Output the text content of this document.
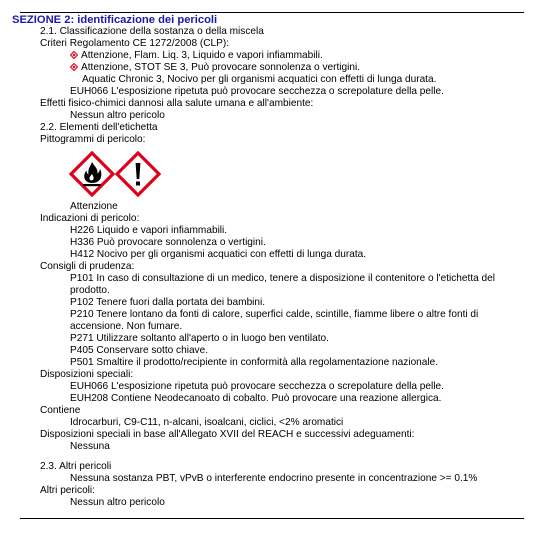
SEZIONE 2: identificazione dei pericoli
2.1. Classificazione della sostanza o della miscela
Criteri Regolamento CE 1272/2008 (CLP):
Attenzione, Flam. Liq. 3, Liquido e vapori infiammabili.
Attenzione, STOT SE 3, Può provocare sonnolenza o vertigini.
Aquatic Chronic 3, Nocivo per gli organismi acquatici con effetti di lunga durata.
EUH066 L'esposizione ripetuta può provocare secchezza o screpolature della pelle.
Effetti fisico-chimici dannosi alla salute umana e all'ambiente:
Nessun altro pericolo
2.2. Elementi dell'etichetta
Pittogrammi di pericolo:
Attenzione
Indicazioni di pericolo:
H226 Liquido e vapori infiammabili.
H336 Può provocare sonnolenza o vertigini.
H412 Nocivo per gli organismi acquatici con effetti di lunga durata.
Consigli di prudenza:
P101 In caso di consultazione di un medico, tenere a disposizione il contenitore o l'etichetta del
prodotto.
P102 Tenere fuori dalla portata dei bambini.
P210 Tenere lontano da fonti di calore, superfici calde, scintille, fiamme libere o altre fonti di
accensione. Non fumare.
P271 Utilizzare soltanto all'aperto o in luogo ben ventilato.
P405 Conservare sotto chiave.
P501 Smaltire il prodotto/recipiente in conformità alla regolamentazione nazionale.
Disposizioni speciali:
EUH066 L'esposizione ripetuta può provocare secchezza o screpolature della pelle.
EUH208 Contiene Neodecanoato di cobalto. Può provocare una reazione allergica.
Contiene
Idrocarburi, C9-C11, n-alcani, isoalcani, ciclici, <2% aromatici
Disposizioni speciali in base all'Allegato XVII del REACH e successivi adeguamenti:
Nessuna
2.3. Altri pericoli
Nessuna sostanza PBT, vPvB o interferente endocrino presente in concentrazione >= 0.1%
Altri pericoli:
Nessun altro pericolo
